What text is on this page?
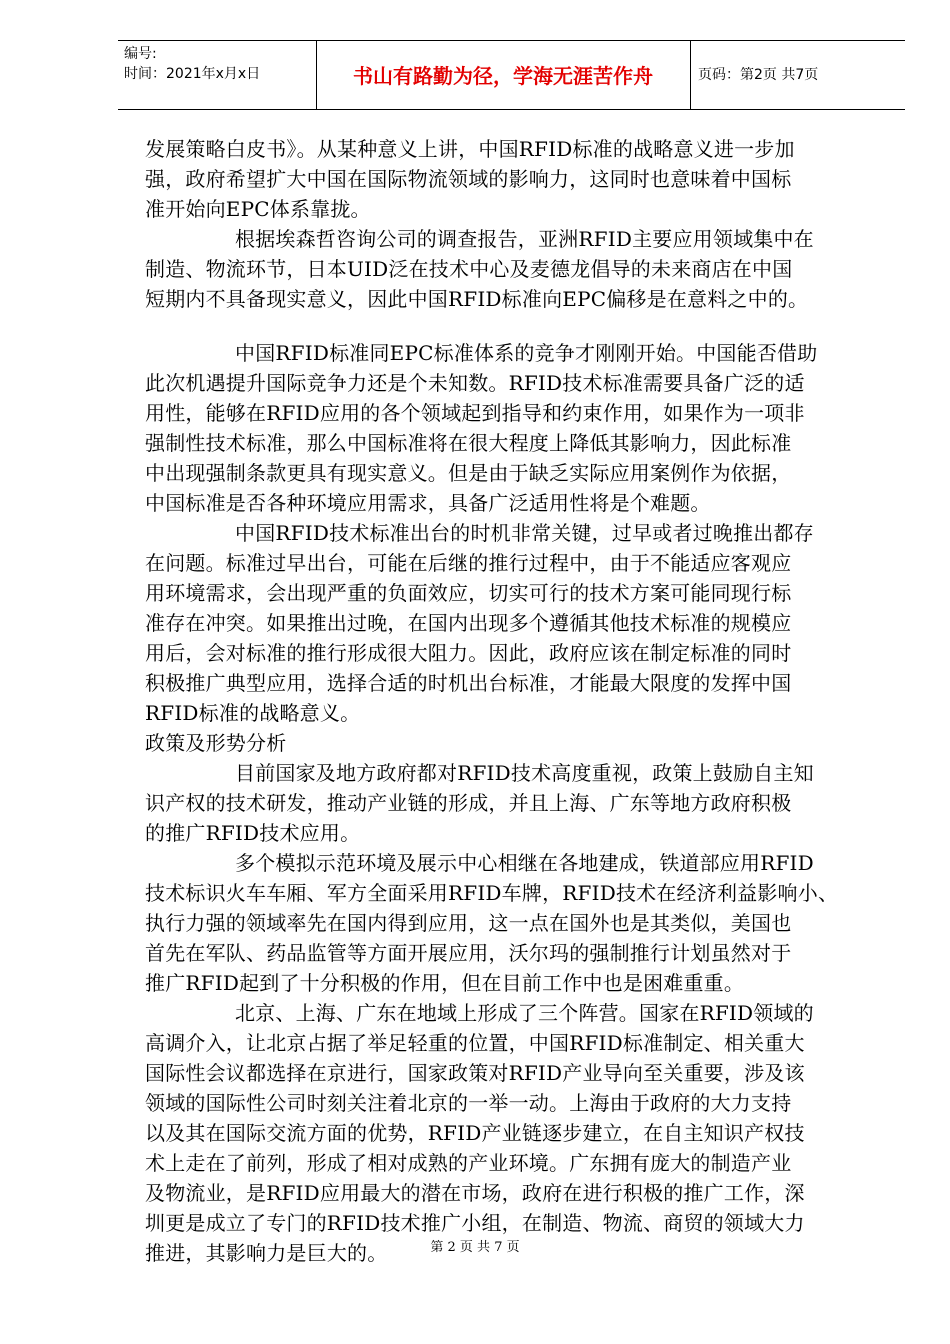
编号:
时间：2021年x月x日	书山有路勤为径，学海无涯苦作舟	页码：第2页 共7页
发展策略白皮书》。从某种意义上讲，中国RFID标准的战略意义进一步加
强，政府希望扩大中国在国际物流领域的影响力，这同时也意味着中国标
准开始向EPC体系靠拢。
根据埃森哲咨询公司的调查报告，亚洲RFID主要应用领域集中在
制造、物流环节，日本UID泛在技术中心及麦德龙倡导的未来商店在中国
短期内不具备现实意义，因此中国RFID标准向EPC偏移是在意料之中的。
中国RFID标准同EPC标准体系的竞争才刚刚开始。中国能否借助
此次机遇提升国际竞争力还是个未知数。RFID技术标准需要具备广泛的适
用性，能够在RFID应用的各个领域起到指导和约束作用，如果作为一项非
强制性技术标准，那么中国标准将在很大程度上降低其影响力，因此标准
中出现强制条款更具有现实意义。但是由于缺乏实际应用案例作为依据，
中国标准是否各种环境应用需求，具备广泛适用性将是个难题。
中国RFID技术标准出台的时机非常关键，过早或者过晚推出都存
在问题。标准过早出台，可能在后继的推行过程中，由于不能适应客观应
用环境需求，会出现严重的负面效应，切实可行的技术方案可能同现行标
准存在冲突。如果推出过晚，在国内出现多个遵循其他技术标准的规模应
用后，会对标准的推行形成很大阻力。因此，政府应该在制定标准的同时
积极推广典型应用，选择合适的时机出台标准，才能最大限度的发挥中国
RFID标准的战略意义。
政策及形势分析
目前国家及地方政府都对RFID技术高度重视，政策上鼓励自主知
识产权的技术研发，推动产业链的形成，并且上海、广东等地方政府积极
的推广RFID技术应用。
多个模拟示范环境及展示中心相继在各地建成，铁道部应用RFID
技术标识火车车厢、军方全面采用RFID车牌，RFID技术在经济利益影响小、
执行力强的领域率先在国内得到应用，这一点在国外也是其类似，美国也
首先在军队、药品监管等方面开展应用，沃尔玛的强制推行计划虽然对于
推广RFID起到了十分积极的作用，但在目前工作中也是困难重重。
北京、上海、广东在地域上形成了三个阵营。国家在RFID领域的
高调介入，让北京占据了举足轻重的位置，中国RFID标准制定、相关重大
国际性会议都选择在京进行，国家政策对RFID产业导向至关重要，涉及该
领域的国际性公司时刻关注着北京的一举一动。上海由于政府的大力支持
以及其在国际交流方面的优势，RFID产业链逐步建立，在自主知识产权技
术上走在了前列，形成了相对成熟的产业环境。广东拥有庞大的制造产业
及物流业，是RFID应用最大的潜在市场，政府在进行积极的推广工作，深
圳更是成立了专门的RFID技术推广小组，在制造、物流、商贸的领域大力
推进，其影响力是巨大的。	第 2 页 共 7 页
